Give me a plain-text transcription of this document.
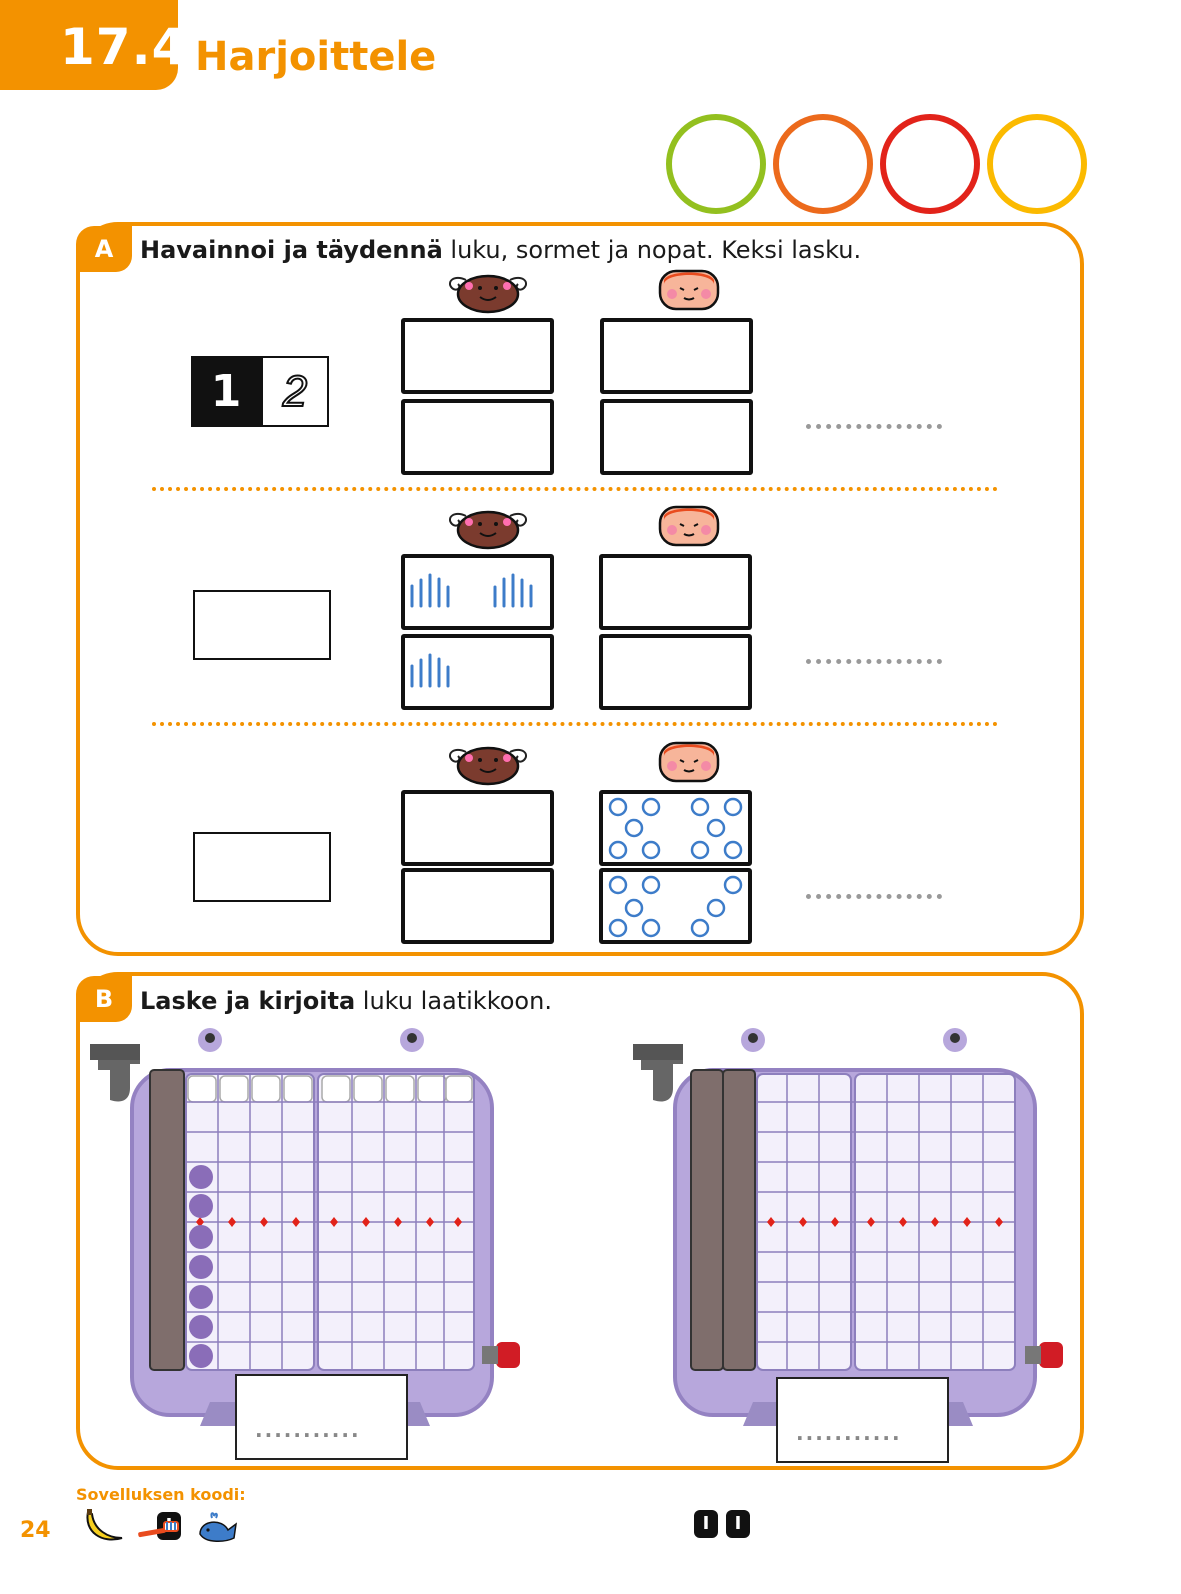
17.4 Harjoittele
A	Havainnoi ja täydennä luku, sormet ja nopat. Keksi lasku.
1 2
B	Laske ja kirjoita luku laatikkoon.
...........
I	I
...........
Sovelluksen koodi:
24
